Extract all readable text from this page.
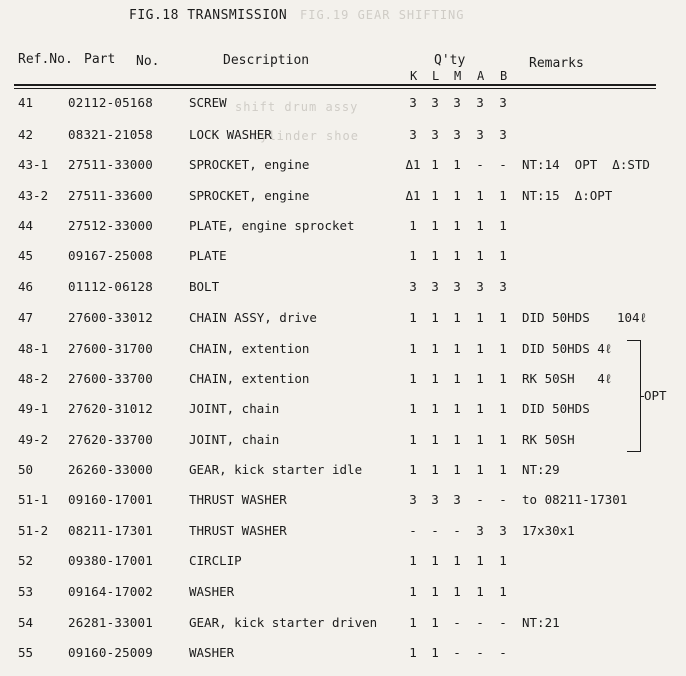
FIG.19 GEAR SHIFTING
shift drum assy
cylinder shoe
FIG.18 TRANSMISSION
Ref.No. Part No.	Description	Q'ty
K L M A B
Remarks
41	02112-05168	SCREW	3	3	3	3	3
42	08321-21058	LOCK WASHER	3	3	3	3	3
43-1 27511-33000	SPROCKET, engine	Δ1 1	1	-	-	NT:14  OPT  Δ:STD
43-2 27511-33600	SPROCKET, engine	Δ1 1	1	1	1	NT:15  Δ:OPT
44	27512-33000	PLATE, engine sprocket	1	1	1	1	1
45	09167-25008	PLATE	1	1	1	1	1
46	01112-06128	BOLT	3	3	3	3	3
47	27600-33012	CHAIN ASSY, drive	1	1	1	1	1	DID 50HDS 104ℓ
48-1 27600-31700	CHAIN, extention	1	1	1	1	1	DID 50HDS 4ℓ
48-2 27600-33700	CHAIN, extention	1	1	1	1	1	RK 50SH   4ℓ
49-1 27620-31012	JOINT, chain	1	1	1	1	1	DID 50HDS
49-2 27620-33700	JOINT, chain	1	1	1	1	1	RK 50SH
50	26260-33000	GEAR, kick starter idle	1	1	1	1	1	NT:29
51-1 09160-17001	THRUST WASHER	3	3	3	-	-	to 08211-17301
51-2 08211-17301	THRUST WASHER	-	-	-	3	3	17x30x1
52	09380-17001	CIRCLIP	1	1	1	1	1
53	09164-17002	WASHER	1	1	1	1	1
54	26281-33001	GEAR, kick starter driven	1	1	-	-	-	NT:21
55	09160-25009	WASHER	1	1	-	-	-
OPT
